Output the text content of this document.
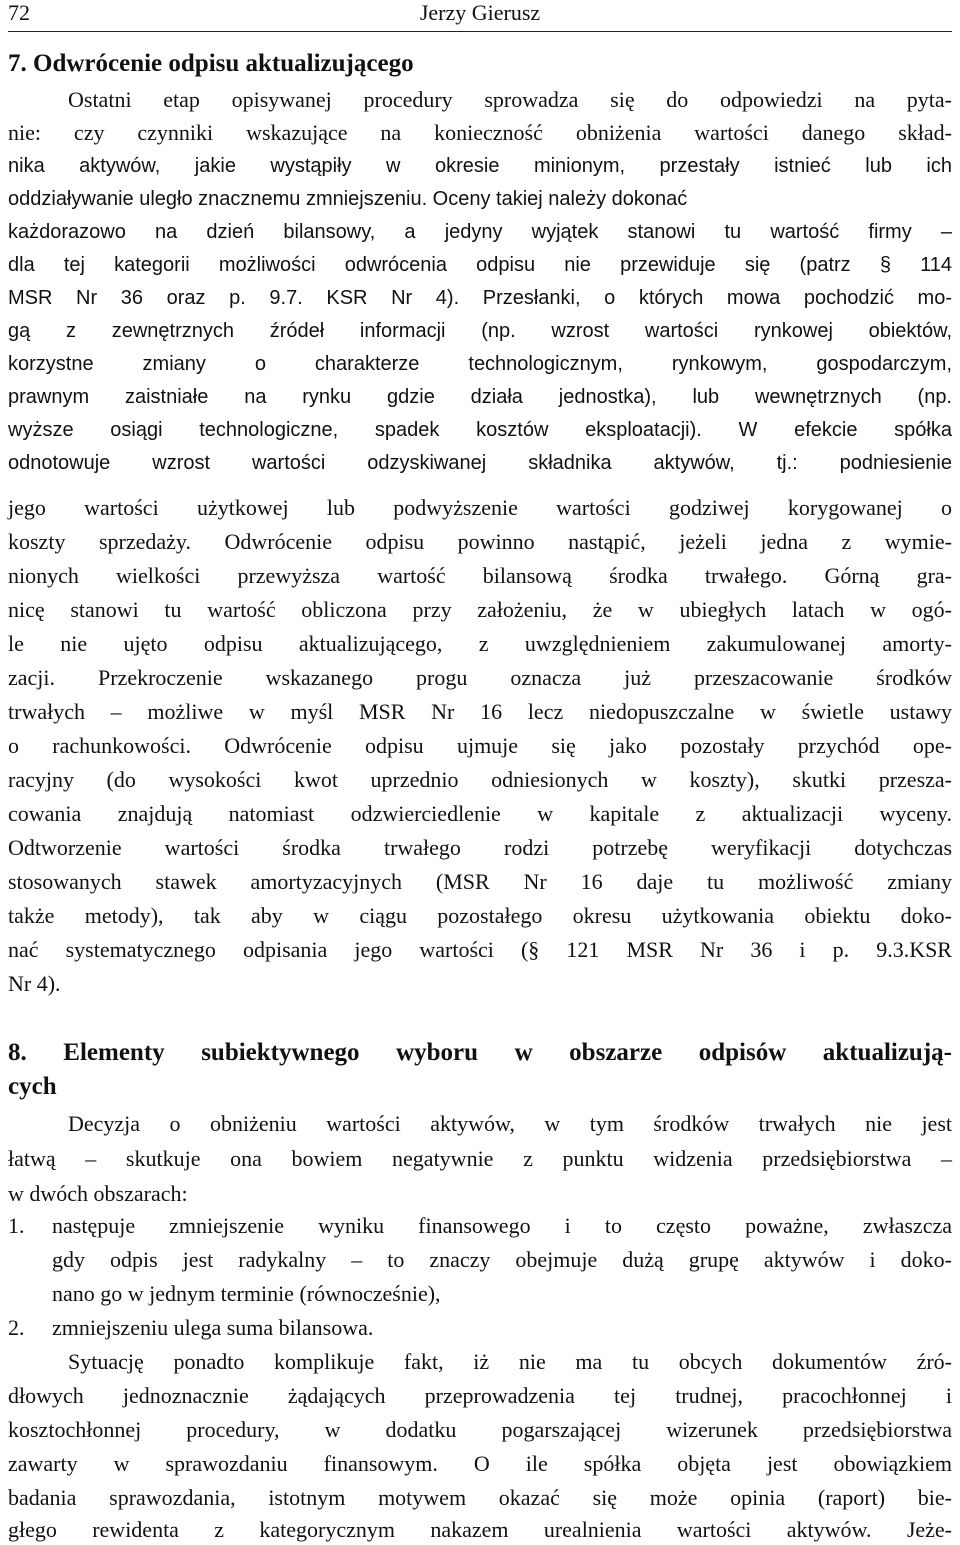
72	Jerzy Gierusz
7. Odwrócenie odpisu aktualizującego
Ostatni etap opisywanej procedury sprowadza się do odpowiedzi na pyta-
nie: czy czynniki wskazujące na konieczność obniżenia wartości danego skład-
nika aktywów, jakie wystąpiły w okresie minionym, przestały istnieć lub ich
oddziaływanie uległo znacznemu zmniejszeniu. Oceny takiej należy dokonać
każdorazowo na dzień bilansowy, a jedyny wyjątek stanowi tu wartość firmy –
dla tej kategorii możliwości odwrócenia odpisu nie przewiduje się (patrz § 114
MSR Nr 36 oraz p. 9.7. KSR Nr 4). Przesłanki, o których mowa pochodzić mo-
gą z zewnętrznych źródeł informacji (np. wzrost wartości rynkowej obiektów,
korzystne zmiany o charakterze technologicznym, rynkowym, gospodarczym,
prawnym zaistniałe na rynku gdzie działa jednostka), lub wewnętrznych (np.
wyższe osiągi technologiczne, spadek kosztów eksploatacji). W efekcie spółka
odnotowuje wzrost wartości odzyskiwanej składnika aktywów, tj.: podniesienie
jego wartości użytkowej lub podwyższenie wartości godziwej korygowanej o
koszty sprzedaży. Odwrócenie odpisu powinno nastąpić, jeżeli jedna z wymie-
nionych wielkości przewyższa wartość bilansową środka trwałego. Górną gra-
nicę stanowi tu wartość obliczona przy założeniu, że w ubiegłych latach w ogó-
le nie ujęto odpisu aktualizującego, z uwzględnieniem zakumulowanej amorty-
zacji. Przekroczenie wskazanego progu oznacza już przeszacowanie środków
trwałych – możliwe w myśl MSR Nr 16 lecz niedopuszczalne w świetle ustawy
o rachunkowości. Odwrócenie odpisu ujmuje się jako pozostały przychód ope-
racyjny (do wysokości kwot uprzednio odniesionych w koszty), skutki przesza-
cowania znajdują natomiast odzwierciedlenie w kapitale z aktualizacji wyceny.
Odtworzenie wartości środka trwałego rodzi potrzebę weryfikacji dotychczas
stosowanych stawek amortyzacyjnych (MSR Nr 16 daje tu możliwość zmiany
także metody), tak aby w ciągu pozostałego okresu użytkowania obiektu doko-
nać systematycznego odpisania jego wartości (§ 121 MSR Nr 36 i p. 9.3.KSR
Nr 4).
8. Elementy subiektywnego wyboru w obszarze odpisów aktualizują-
cych
Decyzja o obniżeniu wartości aktywów, w tym środków trwałych nie jest
łatwą – skutkuje ona bowiem negatywnie z punktu widzenia przedsiębiorstwa –
w dwóch obszarach:
1. następuje zmniejszenie wyniku finansowego i to często poważne, zwłaszcza
gdy odpis jest radykalny – to znaczy obejmuje dużą grupę aktywów i doko-
nano go w jednym terminie (równocześnie),
2. zmniejszeniu ulega suma bilansowa.
Sytuację ponadto komplikuje fakt, iż nie ma tu obcych dokumentów źró-
dłowych jednoznacznie żądających przeprowadzenia tej trudnej, pracochłonnej i
kosztochłonnej procedury, w dodatku pogarszającej wizerunek przedsiębiorstwa
zawarty w sprawozdaniu finansowym. O ile spółka objęta jest obowiązkiem
badania sprawozdania, istotnym motywem okazać się może opinia (raport) bie-
głego rewidenta z kategorycznym nakazem urealnienia wartości aktywów. Jeże-
